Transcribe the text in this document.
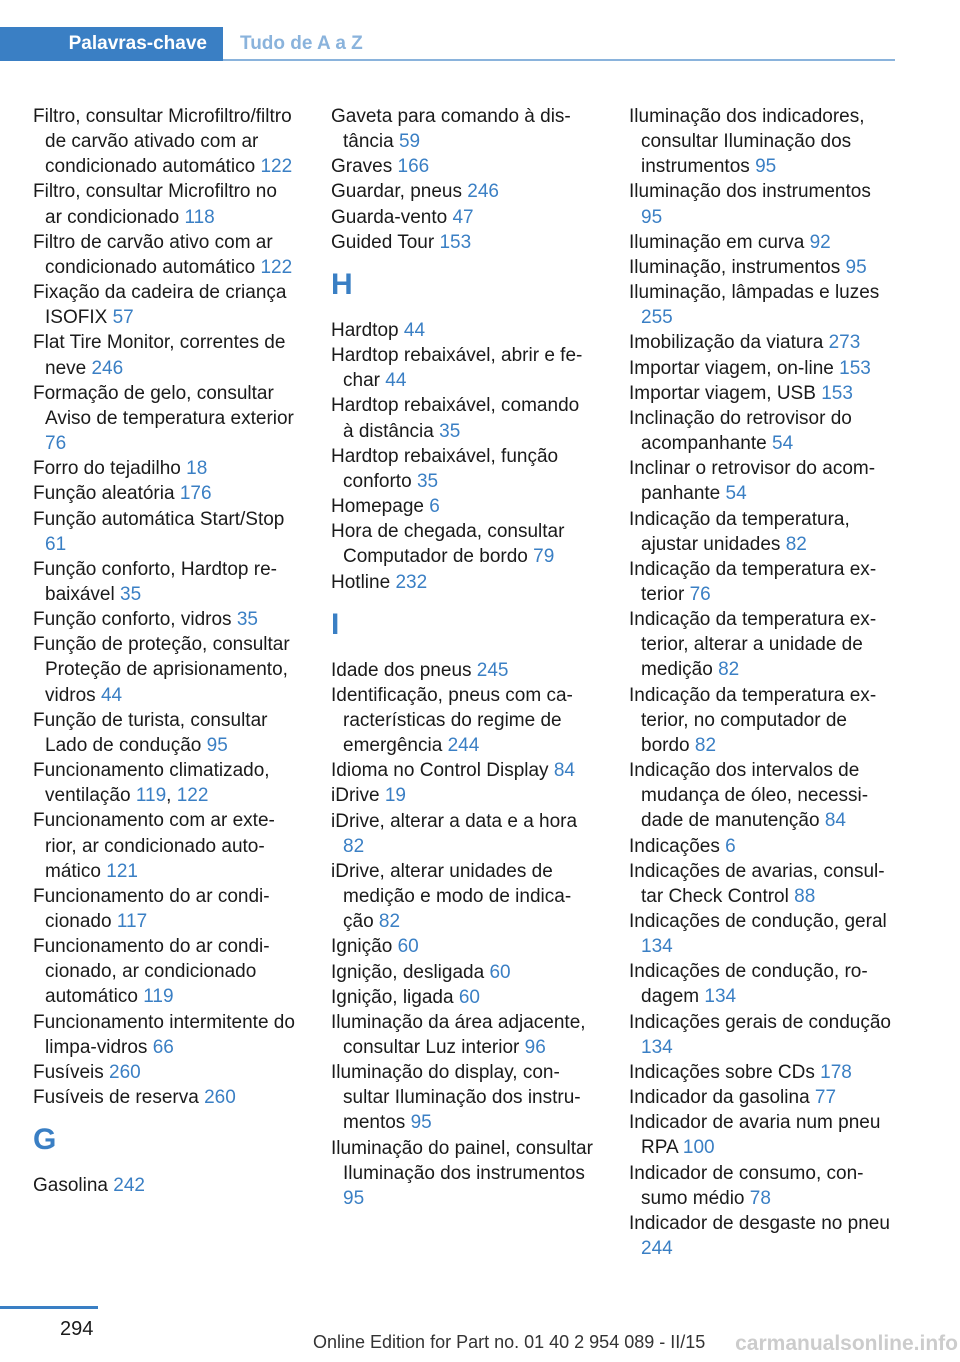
Palavras-chave	Tudo de A a Z

Filtro, consultar Microfiltro/filtro de carvão ativado com ar condicionado automático 122

Filtro, consultar Microfiltro no ar condicionado 118

Filtro de carvão ativo com ar condicionado automático 122

Fixação da cadeira de criança ISOFIX 57

Flat Tire Monitor, correntes de neve 246

Formação de gelo, consultar Aviso de temperatura exterior 76

Forro do tejadilho 18

Função aleatória 176

Função automática Start/Stop 61

Função conforto, Hardtop rebaixável 35

Função conforto, vidros 35

Função de proteção, consultar Proteção de aprisionamento, vidros 44

Função de turista, consultar Lado de condução 95

Funcionamento climatizado, ventilação 119, 122

Funcionamento com ar exterior, ar condicionado automático 121

Funcionamento do ar condicionado 117

Funcionamento do ar condicionado, ar condicionado automático 119

Funcionamento intermitente do limpa-vidros 66

Fusíveis 260

Fusíveis de reserva 260

G

Gasolina 242

Gaveta para comando à distância 59

Graves 166

Guardar, pneus 246

Guarda-vento 47

Guided Tour 153

H

Hardtop 44

Hardtop rebaixável, abrir e fechar 44

Hardtop rebaixável, comando à distância 35

Hardtop rebaixável, função conforto 35

Homepage 6

Hora de chegada, consultar Computador de bordo 79

Hotline 232

I

Idade dos pneus 245

Identificação, pneus com características do regime de emergência 244

Idioma no Control Display 84

iDrive 19

iDrive, alterar a data e a hora 82

iDrive, alterar unidades de medição e modo de indicação 82

Ignição 60

Ignição, desligada 60

Ignição, ligada 60

Iluminação da área adjacente, consultar Luz interior 96

Iluminação do display, consultar Iluminação dos instrumentos 95

Iluminação do painel, consultar Iluminação dos instrumentos 95

Iluminação dos indicadores, consultar Iluminação dos instrumentos 95

Iluminação dos instrumentos 95

Iluminação em curva 92

Iluminação, instrumentos 95

Iluminação, lâmpadas e luzes 255

Imobilização da viatura 273

Importar viagem, on-line 153

Importar viagem, USB 153

Inclinação do retrovisor do acompanhante 54

Inclinar o retrovisor do acompanhante 54

Indicação da temperatura, ajustar unidades 82

Indicação da temperatura exterior 76

Indicação da temperatura exterior, alterar a unidade de medição 82

Indicação da temperatura exterior, no computador de bordo 82

Indicação dos intervalos de mudança de óleo, necessidade de manutenção 84

Indicações 6

Indicações de avarias, consultar Check Control 88

Indicações de condução, geral 134

Indicações de condução, rodagem 134

Indicações gerais de condução 134

Indicações sobre CDs 178

Indicador da gasolina 77

Indicador de avaria num pneu RPA 100

Indicador de consumo, consumo médio 78

Indicador de desgaste no pneu 244

294
Online Edition for Part no. 01 40 2 954 089 - II/15 carmanualsonline.info
